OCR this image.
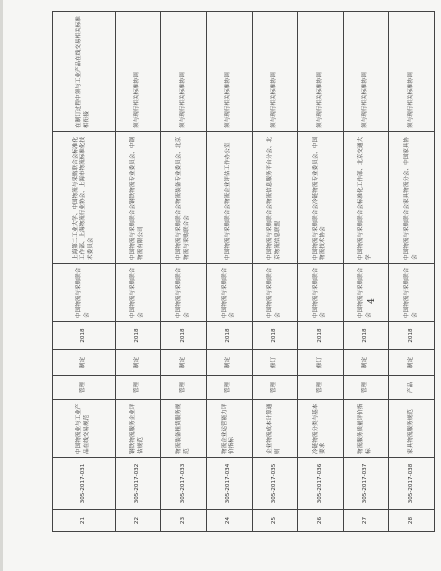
21	305-2017-031	中国物流业与工业产品在线交易规范	管理	制定	2018	中国物流与采购联合会	上海第二工业大学、中国物流与采购联合会标准化工作部、上海物流行业协会、上海市物流标准化技术委员会	在制订过程中须与工业产品在线交易相关标准相衔接
22	305-2017-032	钢铁物流服务企业评估规范	管理	制定	2018	中国物流与采购联合会	中国物流与采购联合会钢铁物流专业委员会、中钢物流有限公司	须与现行相关标准协调
23	305-2017-033	物流装备租赁服务规范	管理	制定	2018	中国物流与采购联合会	中国物流与采购联合会物流装备专业委员会、北京物流与采购联合会	须与现行相关标准协调
24	305-2017-034	物流企业运营能力评价指标	管理	制定	2018	中国物流与采购联合会	中国物流与采购联合会物流企业评估工作办公室	须与现行相关标准协调
25	305-2017-035	企业物流成本计算通则	管理	修订	2018	中国物流与采购联合会	中国物流与采购联合会物流信息服务平台分会、北京物流信息联盟	须与现行相关标准协调
26	305-2017-036	冷链物流分类与基本要求	管理	修订	2018	中国物流与采购联合会	中国物流与采购联合会冷链物流专业委员会、中国物流技术协会	须与现行相关标准协调
27	305-2017-037	物流服务质量评价指标	管理	制定	2018	中国物流与采购联合会	中国物流与采购联合会标准化工作部、北京交通大学	须与现行相关标准协调
28	305-2017-038	家具物流服务规范	产品	制定	2018	中国物流与采购联合会	中国物流与采购联合会家具物流分会、中国家具协会	须与现行相关标准协调
4
